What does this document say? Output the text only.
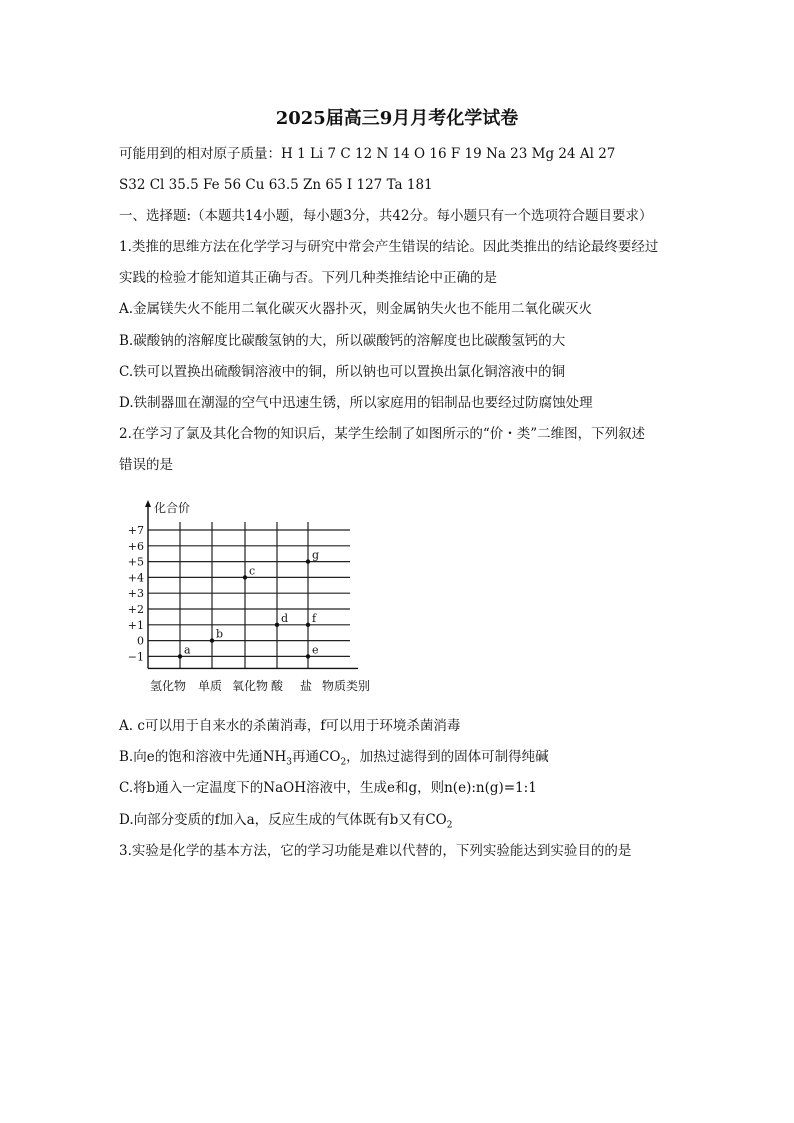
2025届高三9月月考化学试卷
可能用到的相对原子质量：H 1 Li 7 C 12 N 14 O 16 F 19 Na 23 Mg 24 Al 27
S32 Cl 35.5 Fe 56 Cu 63.5 Zn 65 I 127 Ta 181
一、选择题:（本题共14小题，每小题3分，共42分。每小题只有一个选项符合题目要求）
1.类推的思维方法在化学学习与研究中常会产生错误的结论。因此类推出的结论最终要经过
实践的检验才能知道其正确与否。下列几种类推结论中正确的是
A.金属镁失火不能用二氧化碳灭火器扑灭，则金属钠失火也不能用二氧化碳灭火
B.碳酸钠的溶解度比碳酸氢钠的大，所以碳酸钙的溶解度也比碳酸氢钙的大
C.铁可以置换出硫酸铜溶液中的铜，所以钠也可以置换出氯化铜溶液中的铜
D.铁制器皿在潮湿的空气中迅速生锈，所以家庭用的铝制品也要经过防腐蚀处理
2.在学习了氯及其化合物的知识后，某学生绘制了如图所示的“价・类”二维图，下列叙述
错误的是
+7
+6
+5
+4
+3
+2
+1
0
−1
氢化物 单质 氧化物 酸 盐
a
b
c
d
e
f
g
化合价
物质类别
A. c可以用于自来水的杀菌消毒，f可以用于环境杀菌消毒
B.向e的饱和溶液中先通$NH_3$再通$CO_2$，加热过滤得到的固体可制得纯碱
C.将b通入一定温度下的NaOH溶液中，生成e和g，则n(e):n(g)=1:1
D.向部分变质的f加入a，反应生成的气体既有b又有$CO_2$
3.实验是化学的基本方法，它的学习功能是难以代替的，下列实验能达到实验目的的是
